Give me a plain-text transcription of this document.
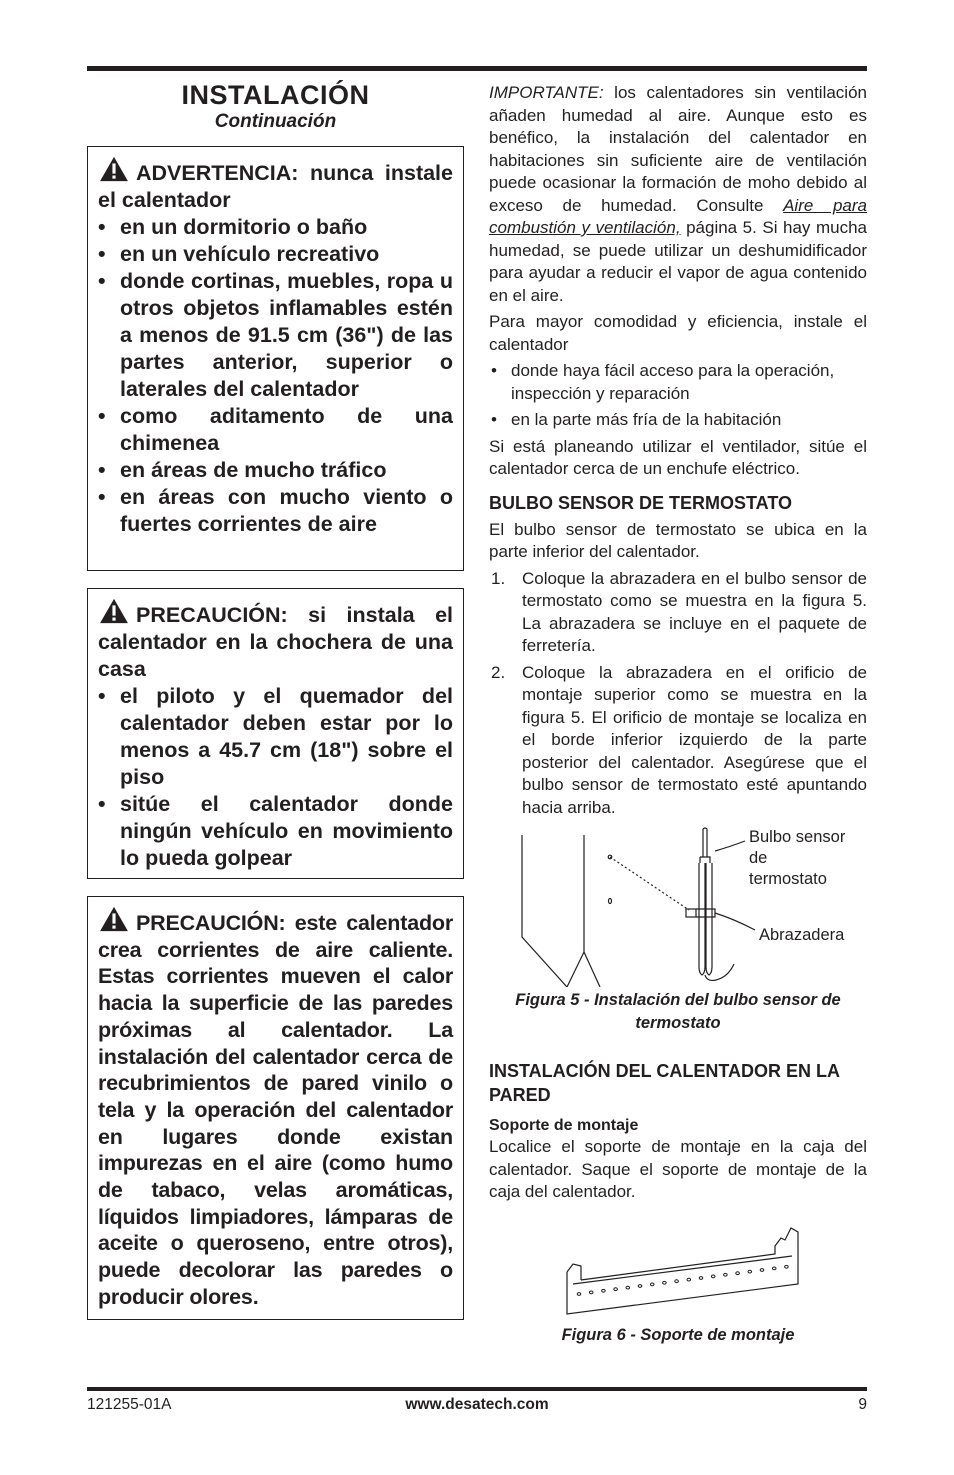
INSTALACIÓN

Continuación

ADVERTENCIA: nunca instale el calentador

• en un dormitorio o baño
• en un vehículo recreativo
• donde cortinas, muebles, ropa u otros objetos inflamables estén a menos de 91.5 cm (36") de las partes anterior, superior o laterales del calentador
• como aditamento de una chimenea
• en áreas de mucho tráfico
• en áreas con mucho viento o fuertes corrientes de aire

PRECAUCIÓN: si instala el calentador en la chochera de una casa

• el piloto y el quemador del calentador deben estar por lo menos a 45.7 cm (18") sobre el piso
• sitúe el calentador donde ningún vehículo en movimiento lo pueda golpear

PRECAUCIÓN: este calentador crea corrientes de aire caliente. Estas corrientes mueven el calor hacia la superficie de las paredes próximas al calentador. La instalación del calentador cerca de recubrimientos de pared vinilo o tela y la operación del calentador en lugares donde existan impurezas en el aire (como humo de tabaco, velas aromáticas, líquidos limpiadores, lámparas de aceite o queroseno, entre otros), puede decolorar las paredes o producir olores.

IMPORTANTE: los calentadores sin ventilación añaden humedad al aire. Aunque esto es benéfico, la instalación del calentador en habitaciones sin suficiente aire de ventilación puede ocasionar la formación de moho debido al exceso de humedad. Consulte Aire para combustión y ventilación, página 5. Si hay mucha humedad, se puede utilizar un deshumidificador para ayudar a reducir el vapor de agua contenido en el aire.

Para mayor comodidad y eficiencia, instale el calentador

• donde haya fácil acceso para la operación, inspección y reparación
• en la parte más fría de la habitación

Si está planeando utilizar el ventilador, sitúe el calentador cerca de un enchufe eléctrico.

BULBO SENSOR DE TERMOSTATO

El bulbo sensor de termostato se ubica en la parte inferior del calentador.

1. Coloque la abrazadera en el bulbo sensor de termostato como se muestra en la figura 5. La abrazadera se incluye en el paquete de ferretería.
2. Coloque la abrazadera en el orificio de montaje superior como se muestra en la figura 5. El orificio de montaje se localiza en el borde inferior izquierdo de la parte posterior del calentador. Asegúrese que el bulbo sensor de termostato esté apuntando hacia arriba.
Bulbo sensor de termostato
Abrazadera
Figura 5 - Instalación del bulbo sensor de termostato
INSTALACIÓN DEL CALENTADOR EN LA PARED
Soporte de montaje

Localice el soporte de montaje en la caja del calentador. Saque el soporte de montaje de la caja del calentador.

Figura 6 - Soporte de montaje
121255-01A	www.desatech.com	9
